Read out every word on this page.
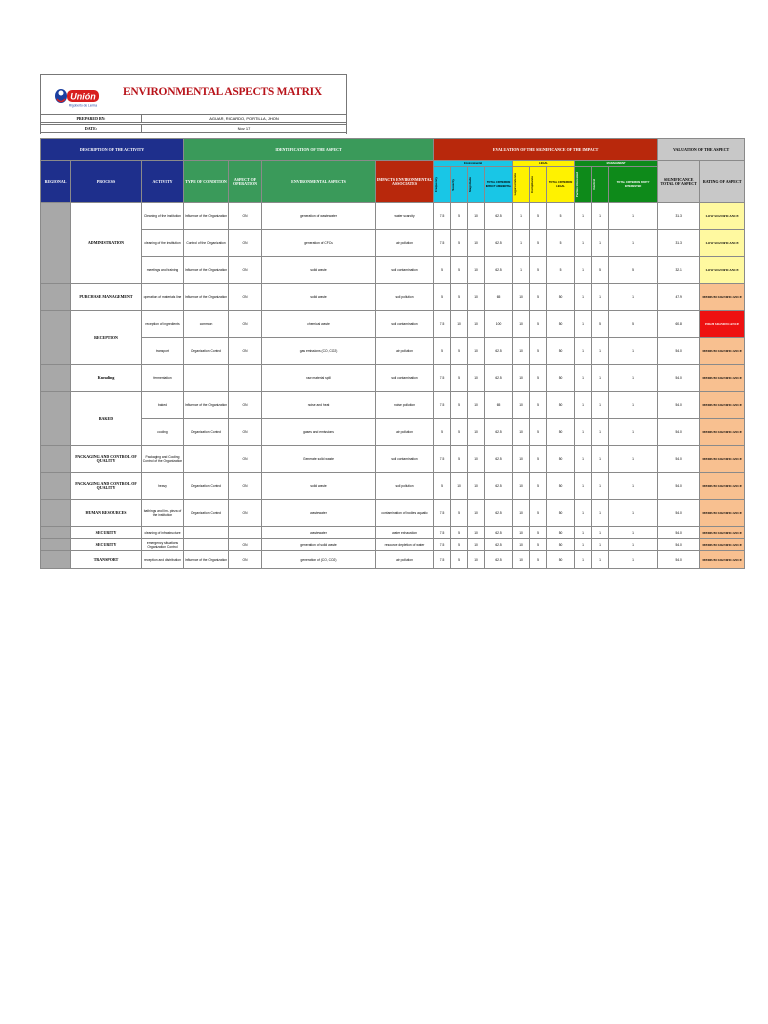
Unión
Rigoberto de Lerma
ENVIRONMENTAL ASPECTS MATRIX
PREPARED BY:	AGUAR, RICARDO, PORTILLA, JHON
DATE:	Nov 17
DESCRIPTION OF THE ACTIVITY			IDENTIFICATION OF THE ASPECT				EVALUATION OF THE SIGNIFICANCE OF THE IMPACT										VALUATION OF THE ASPECT	
REGIONAL	PROCESS	ACTIVITY	TYPE OF CONDITION	ASPECT OF OPERATION	ENVIRONMENTAL ASPECTS	IMPACTS ENVIRONMENTAL ASSOCIATES	Environmental				LEGAL			MANAGEMENT			SIGNIFICANCE TOTAL OF ASPECT	RATING OF ASPECT

							Frequency	Severity	Magnitude	TOTAL CRITERION IMPACT AMBIENTAL	Legal existence	Compliance	TOTAL CRITERION LEGAL	Parties interested	Control	TOTAL CRITERION PARTY INTERESTED		
	ADMINISTRATION	Cleaning of the institution	Influence of the Organization	ON	generation of wastewater	water scarcity	7.5	5	10	62.5	1	5	5	1	1	1	31.3	LOW SIGNIFICANCE
		cleaning of the institution	Control of the Organization	ON	generation of CFCs	air pollution	7.5	5	10	62.5	1	5	5	1	1	1	31.3	LOW SIGNIFICANCE
		meetings and training	Influence of the Organization	ON	solid waste	soil contamination	5	5	10	62.5	1	5	5	1	5	5	32.1	LOW SIGNIFICANCE
	PURCHASE MANAGEMENT	operation of materials line	Influence of the Organization	ON	solid waste	soil pollution	5	5	10	65	10	5	50	1	1	1	47.9	MEDIUM SIGNIFICANCE
	RECEPTION	reception of ingredients	common	ON	chemical waste	soil contamination	7.5	10	10	100	10	5	50	1	5	5	60.8	HIGH SIGNIFICANCE
		transport	Organization Control	ON	gas emissions (CO, CO2)	air pollution	5	5	10	62.5	10	5	50	1	1	1	54.0	MEDIUM SIGNIFICANCE
	Kneading	fermentation			raw material spill	soil contamination	7.5	5	10	62.5	10	5	50	1	1	1	54.0	MEDIUM SIGNIFICANCE
	BAKED	baked	Influence of the Organization	ON	noise and heat	noise pollution	7.5	5	10	65	10	5	50	1	1	1	54.0	MEDIUM SIGNIFICANCE
		cooling	Organization Control	ON	gases and emissions	air pollution	5	5	10	62.5	10	5	50	1	1	1	54.0	MEDIUM SIGNIFICANCE
	PACKAGING AND CONTROL OF QUALITY	Packaging and Cooling Control of the Organization		ON	Generate solid waste	soil contamination	7.5	5	10	62.5	10	5	50	1	1	1	54.0	MEDIUM SIGNIFICANCE
	PACKAGING AND CONTROL OF QUALITY	heavy	Organization Control	ON	solid waste	soil pollution	5	10	10	62.5	10	5	50	1	1	1	54.0	MEDIUM SIGNIFICANCE
	HUMAN RESOURCES	bathings and lim- pieza of the institution	Organization Control	ON	wastewater	contamination of bodies aquatic	7.5	5	10	62.5	10	5	50	1	1	1	54.0	MEDIUM SIGNIFICANCE
	SECURITY	cleaning of infrastructure			wastewater	water exhaustion	7.5	5	10	62.5	10	5	50	1	1	1	54.0	MEDIUM SIGNIFICANCE
	SECURITY	emergency situations Organization Control		ON	generation of solid waste	resource depletion of water	7.5	5	10	62.5	10	5	50	1	1	1	54.0	MEDIUM SIGNIFICANCE
	TRANSPORT	reception and distribution	Influence of the Organization	ON	generation of (CO, CO2)	air pollution	7.5	5	10	62.5	10	5	50	1	1	1	54.0	MEDIUM SIGNIFICANCE
